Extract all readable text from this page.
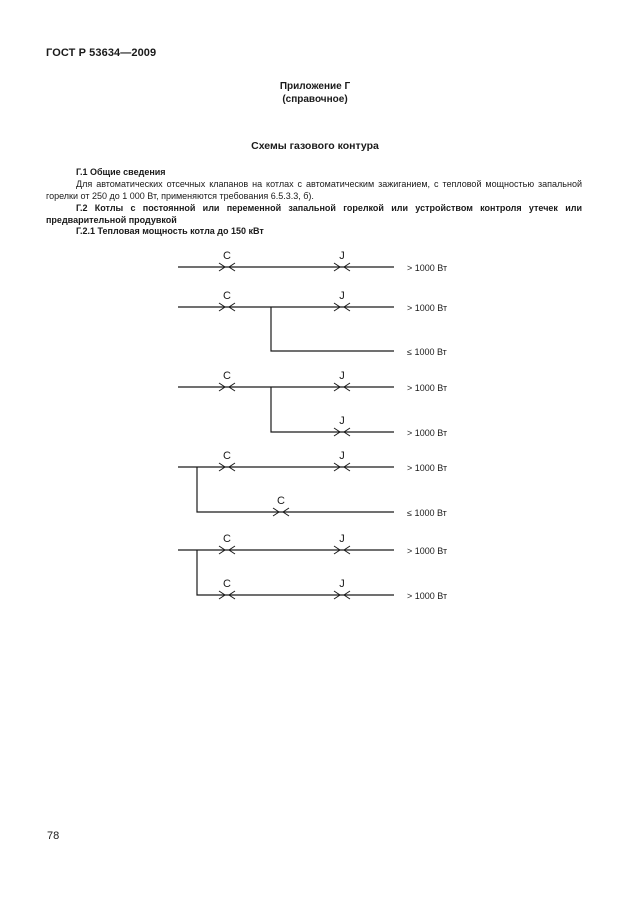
ГОСТ Р 53634—2009
Приложение Г
(справочное)
Схемы газового контура
Г.1 Общие сведения
Для автоматических отсечных клапанов на котлах с автоматическим зажиганием, с тепловой мощностью запальной горелки от 250 до 1 000 Вт, применяются требования 6.5.3.3, б).
Г.2 Котлы с постоянной или переменной запальной горелкой или устройством контроля утечек или предварительной продувкой
Г.2.1 Тепловая мощность котла до 150 кВт
C	J
C	J
C	J
J
C	J
C
C	J
C	J
> 1000 Вт
> 1000 Вт
≤ 1000 Вт
> 1000 Вт
> 1000 Вт
> 1000 Вт
≤ 1000 Вт
> 1000 Вт
> 1000 Вт
78
